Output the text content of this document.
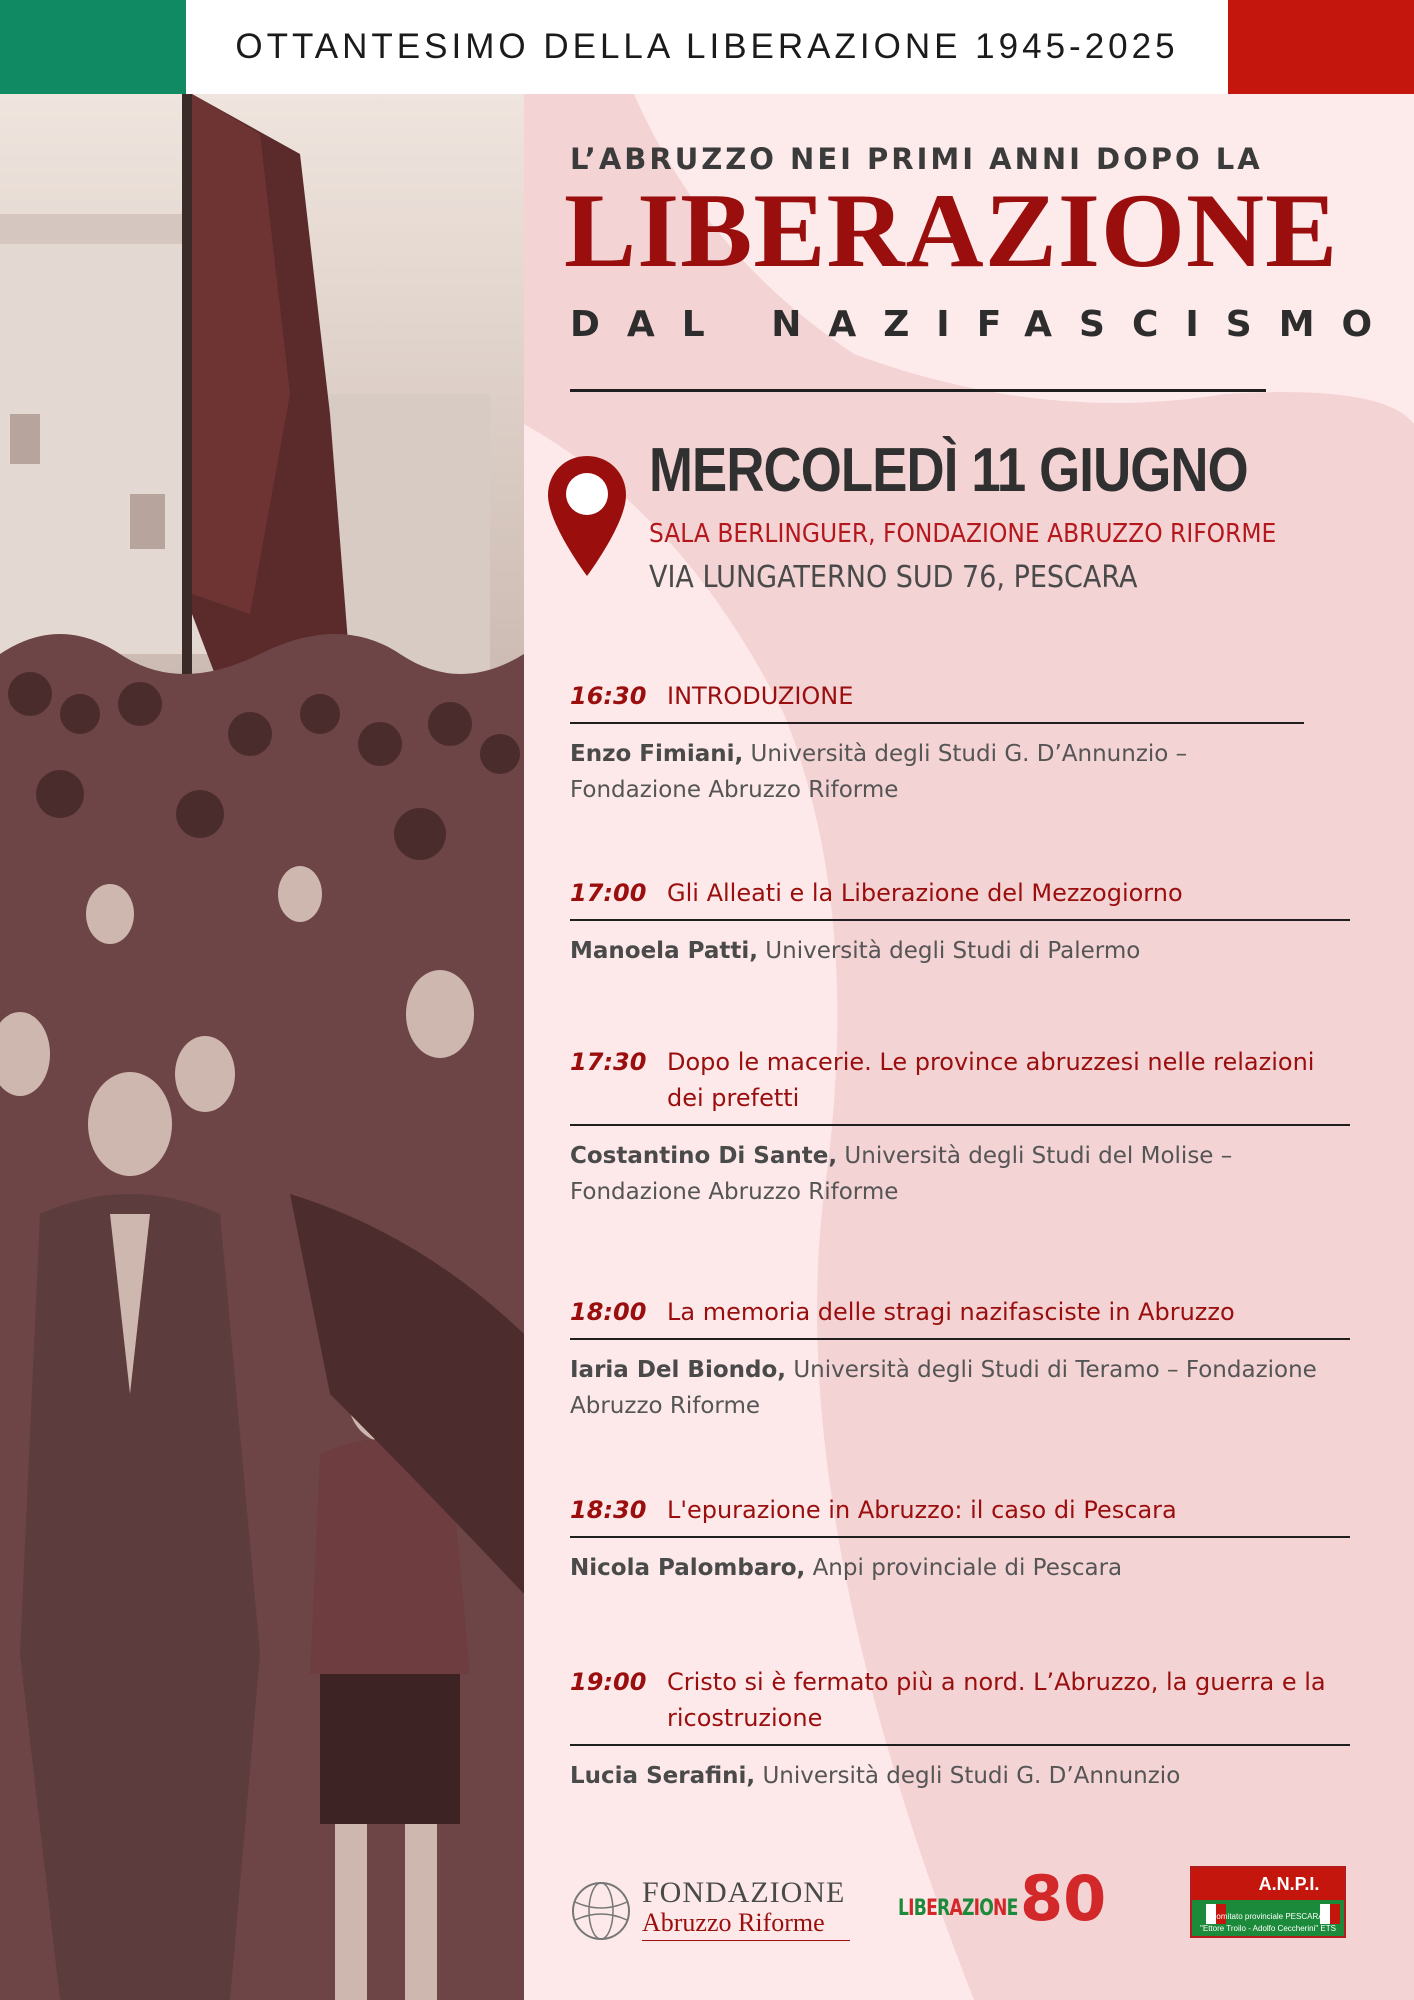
OTTANTESIMO DELLA LIBERAZIONE 1945-2025
L’ABRUZZO NEI PRIMI ANNI DOPO LA
LIBERAZIONE
DAL NAZIFASCISMO
MERCOLEDÌ 11 GIUGNO
SALA BERLINGUER, FONDAZIONE ABRUZZO RIFORME
VIA LUNGATERNO SUD 76, PESCARA
16:30 INTRODUZIONE
Enzo Fimiani, Università degli Studi G. D’Annunzio – Fondazione Abruzzo Riforme
17:00 Gli Alleati e la Liberazione del Mezzogiorno
Manoela Patti, Università degli Studi di Palermo
17:30 Dopo le macerie. Le province abruzzesi nelle relazioni dei prefetti
Costantino Di Sante, Università degli Studi del Molise – Fondazione Abruzzo Riforme
18:00 La memoria delle stragi nazifasciste in Abruzzo
Iaria Del Biondo, Università degli Studi di Teramo – Fondazione Abruzzo Riforme
18:30 L'epurazione in Abruzzo: il caso di Pescara
Nicola Palombaro, Anpi provinciale di Pescara
19:00 Cristo si è fermato più a nord. L’Abruzzo, la guerra e la ricostruzione
Lucia Serafini, Università degli Studi G. D’Annunzio
FONDAZIONE
Abruzzo Riforme	LIBERAZIONE 80	A.N.P.I.
comitato provinciale PESCARA
"Ettore Troilo - Adolfo Ceccherini" ETS
